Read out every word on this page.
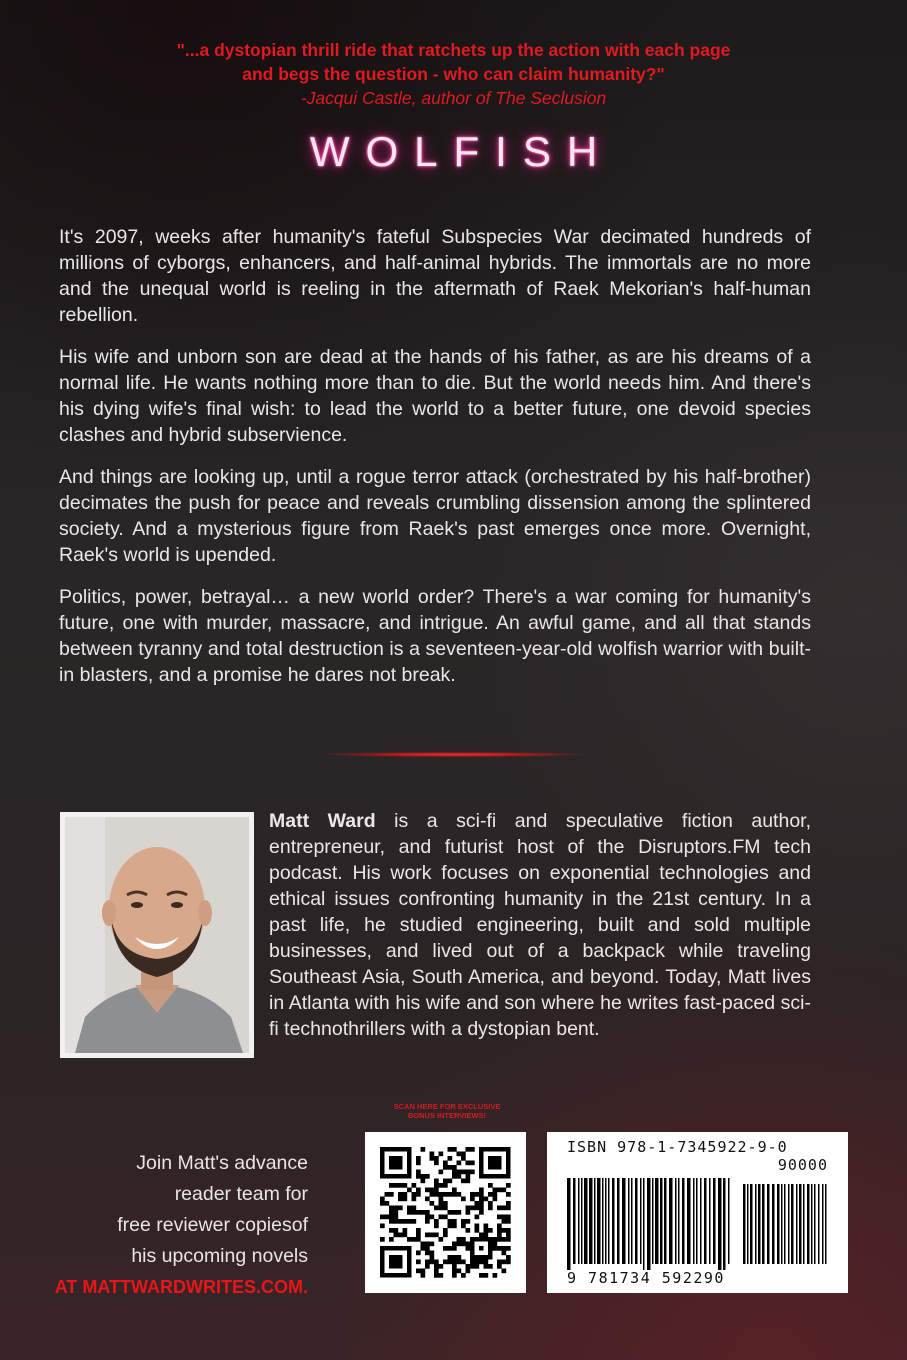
"...a dystopian thrill ride that ratchets up the action with each page
and begs the question - who can claim humanity?"
-Jacqui Castle, author of The Seclusion
WOLFISH

It's 2097, weeks after humanity's fateful Subspecies War decimated hundreds of millions of cyborgs, enhancers, and half-animal hybrids. The immortals are no more and the unequal world is reeling in the aftermath of Raek Mekorian's half-human rebellion.

His wife and unborn son are dead at the hands of his father, as are his dreams of a normal life. He wants nothing more than to die. But the world needs him. And there's his dying wife's final wish: to lead the world to a better future, one devoid species clashes and hybrid subservience.

And things are looking up, until a rogue terror attack (orchestrated by his half-brother) decimates the push for peace and reveals crumbling dissension among the splintered society. And a mysterious figure from Raek's past emerges once more. Overnight, Raek's world is upended.

Politics, power, betrayal… a new world order? There's a war coming for humanity's future, one with murder, massacre, and intrigue. An awful game, and all that stands between tyranny and total destruction is a seventeen-year-old wolfish warrior with built-in blasters, and a promise he dares not break.

Matt Ward is a sci-fi and speculative fiction author, entrepreneur, and futurist host of the Disruptors.FM tech podcast. His work focuses on exponential technologies and ethical issues confronting humanity in the 21st century. In a past life, he studied engineering, built and sold multiple businesses, and lived out of a backpack while traveling Southeast Asia, South America, and beyond. Today, Matt lives in Atlanta with his wife and son where he writes fast-paced sci-fi technothrillers with a dystopian bent.
Join Matt's advance
reader team for
free reviewer copiesof
his upcoming novels
AT MATTWARDWRITES.COM.
SCAN HERE FOR EXCLUSIVE
BONUS INTERVIEWS!
ISBN 978-1-7345922-9-0
90000
9 781734 592290
